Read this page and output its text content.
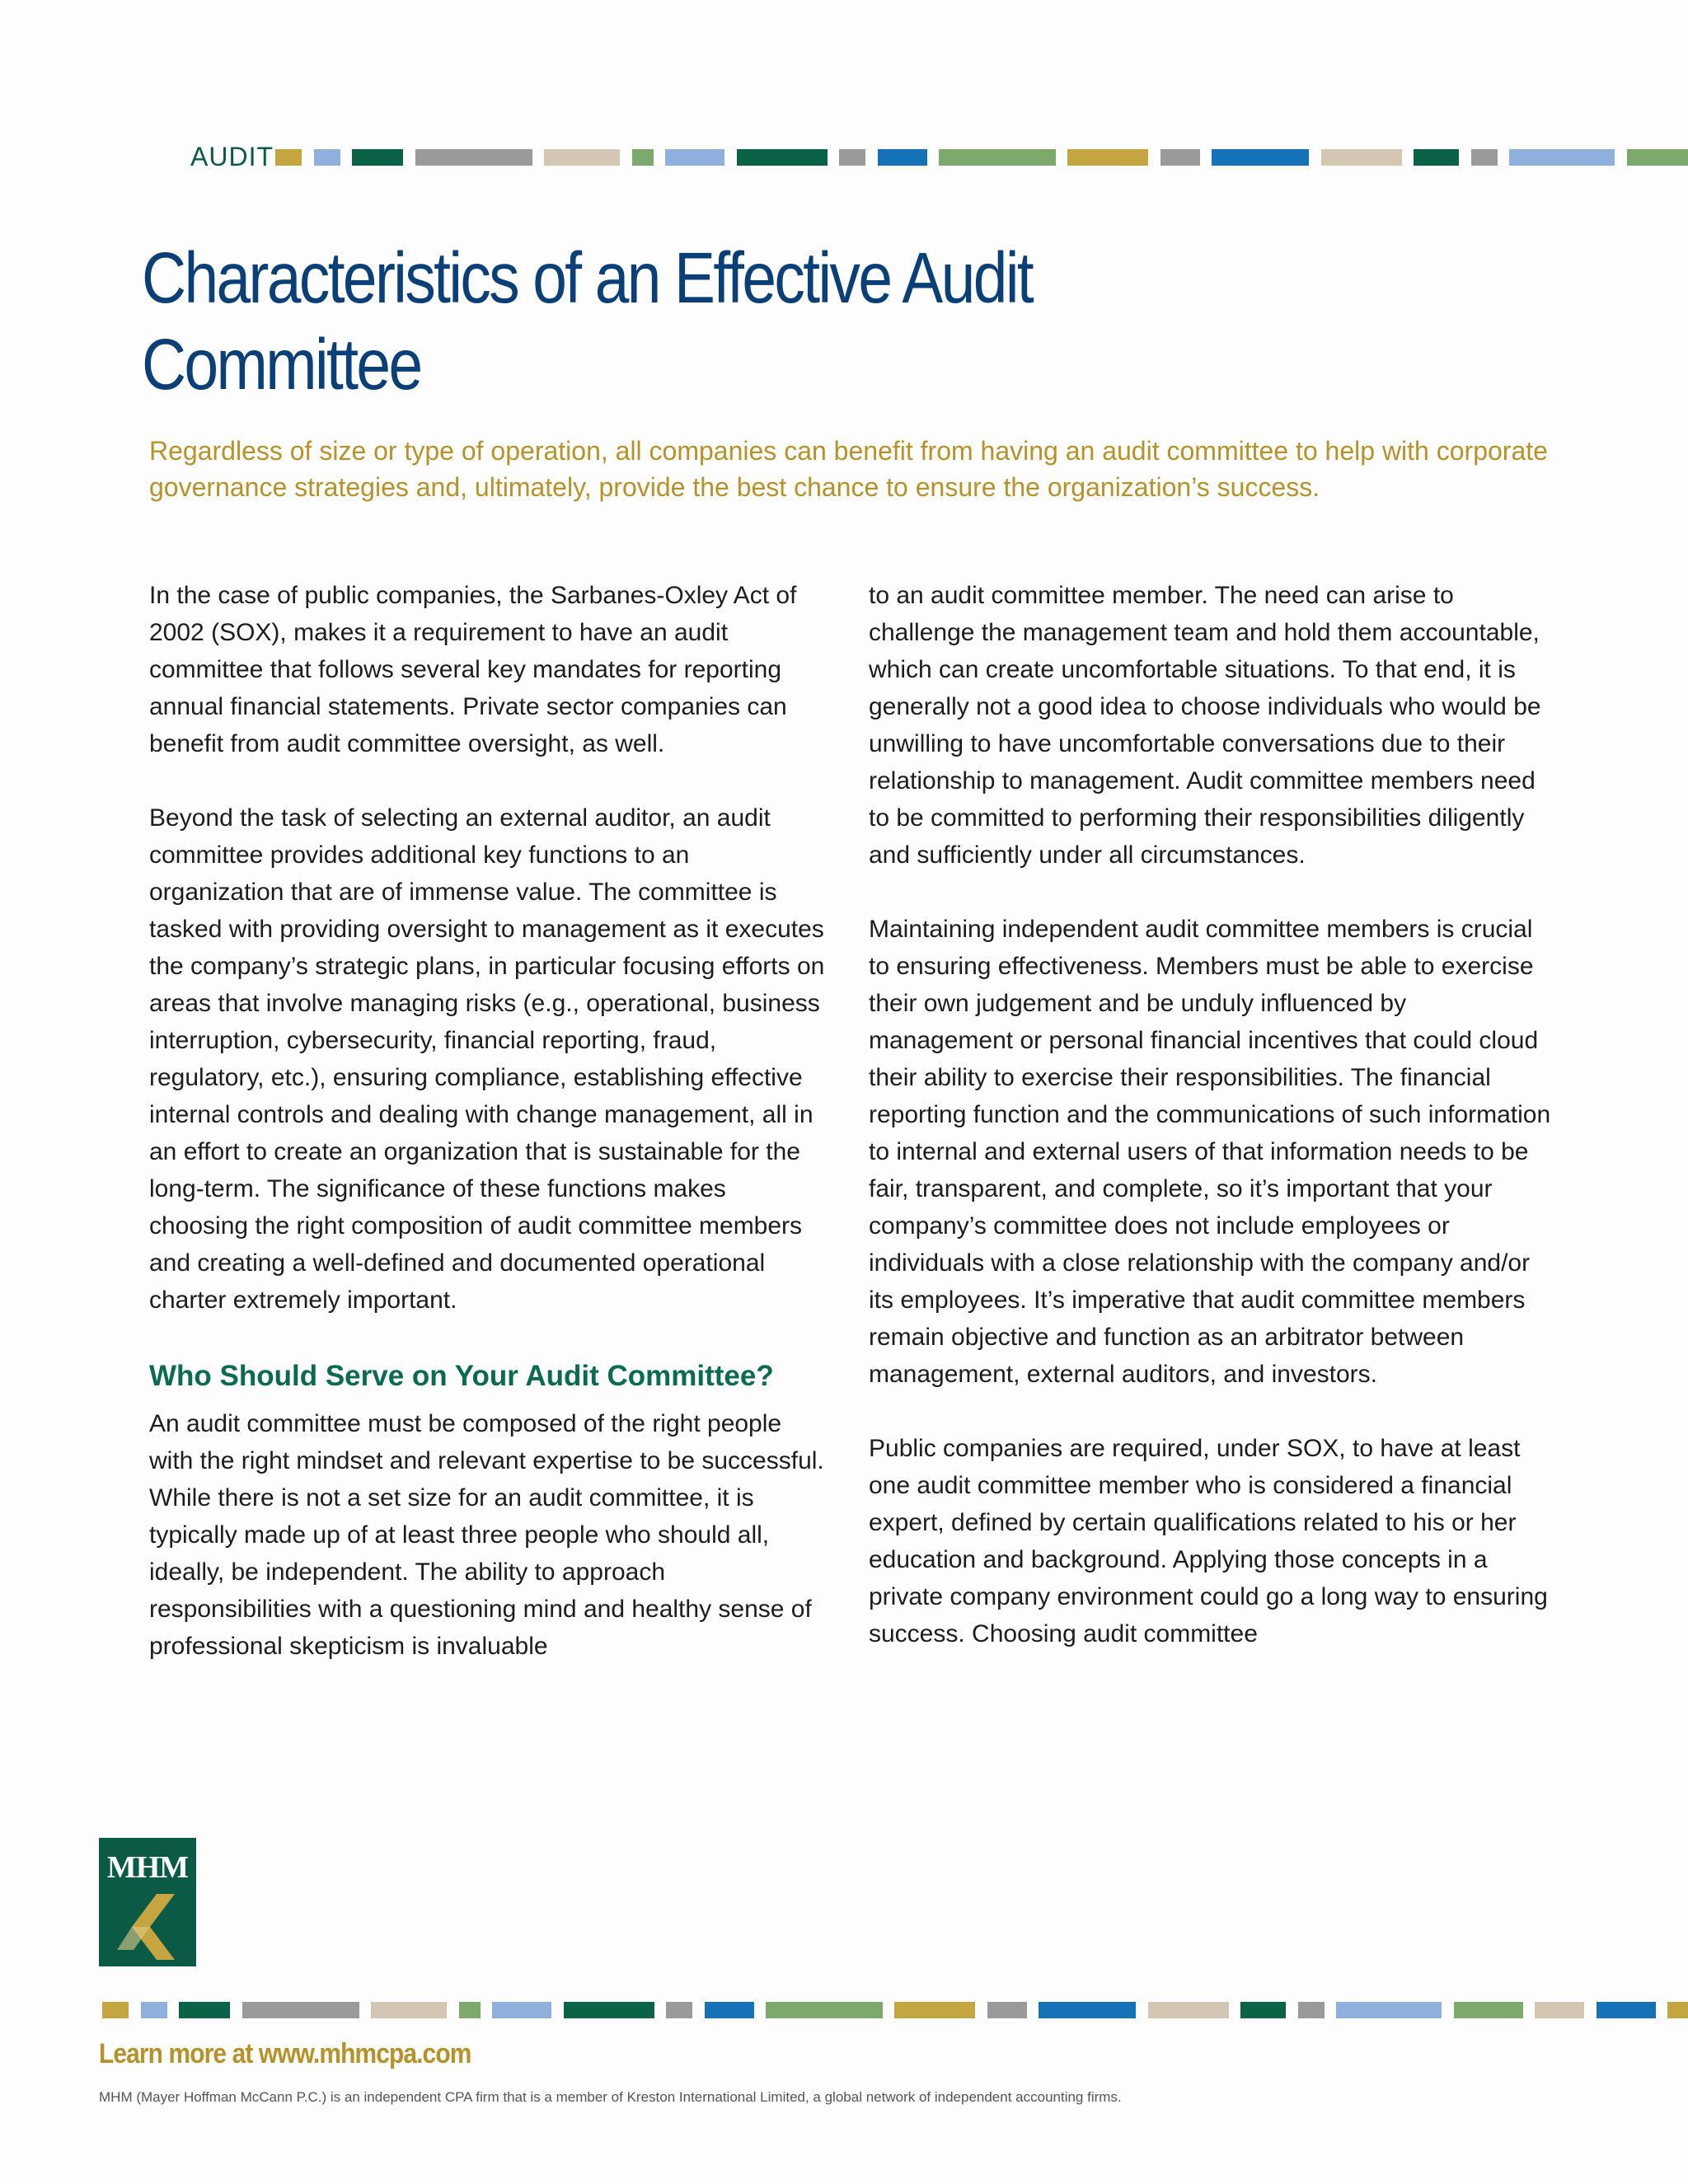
AUDIT
Characteristics of an Effective Audit Committee

Regardless of size or type of operation, all companies can benefit from having an audit committee to help with corporate governance strategies and, ultimately, provide the best chance to ensure the organization’s success.

In the case of public companies, the Sarbanes-Oxley Act of 2002 (SOX), makes it a requirement to have an audit committee that follows several key mandates for reporting annual financial statements. Private sector companies can benefit from audit committee oversight, as well.

Beyond the task of selecting an external auditor, an audit committee provides additional key functions to an organization that are of immense value. The committee is tasked with providing oversight to management as it executes the company’s strategic plans, in particular focusing efforts on areas that involve managing risks (e.g., operational, business interruption, cybersecurity, financial reporting, fraud, regulatory, etc.), ensuring compliance, establishing effective internal controls and dealing with change management, all in an effort to create an organization that is sustainable for the long-term. The significance of these functions makes choosing the right composition of audit committee members and creating a well-defined and documented operational charter extremely important.

Who Should Serve on Your Audit Committee?

An audit committee must be composed of the right people with the right mindset and relevant expertise to be successful. While there is not a set size for an audit committee, it is typically made up of at least three people who should all, ideally, be independent. The ability to approach responsibilities with a questioning mind and healthy sense of professional skepticism is invaluable

to an audit committee member. The need can arise to challenge the management team and hold them accountable, which can create uncomfortable situations. To that end, it is generally not a good idea to choose individuals who would be unwilling to have uncomfortable conversations due to their relationship to management. Audit committee members need to be committed to performing their responsibilities diligently and sufficiently under all circumstances.

Maintaining independent audit committee members is crucial to ensuring effectiveness. Members must be able to exercise their own judgement and be unduly influenced by management or personal financial incentives that could cloud their ability to exercise their responsibilities. The financial reporting function and the communications of such information to internal and external users of that information needs to be fair, transparent, and complete, so it’s important that your company’s committee does not include employees or individuals with a close relationship with the company and/or its employees. It’s imperative that audit committee members remain objective and function as an arbitrator between management, external auditors, and investors.

Public companies are required, under SOX, to have at least one audit committee member who is considered a financial expert, defined by certain qualifications related to his or her education and background. Applying those concepts in a private company environment could go a long way to ensuring success. Choosing audit committee

MHM

Learn more at www.mhmcpa.com
MHM (Mayer Hoffman McCann P.C.) is an independent CPA firm that is a member of Kreston International Limited, a global network of independent accounting firms.
